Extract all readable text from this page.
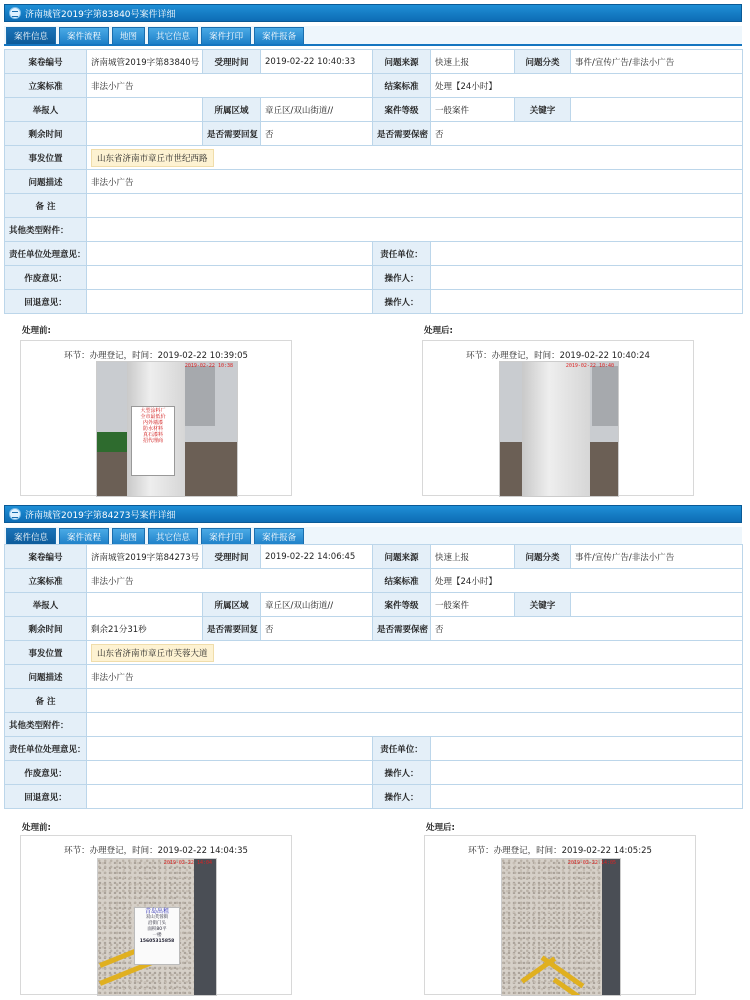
济南城管2019字第83840号案件详细
案件信息	案件流程	地图	其它信息	案件打印	案件报备
案卷编号	济南城管2019字第83840号	受理时间	2019-02-22 10:40:33	问题来源	快速上报	问题分类	事件/宣传广告/非法小广告
立案标准	非法小广告			结案标准	处理【24小时】		
举报人		所属区域	章丘区/双山街道//	案件等级	一般案件	关键字	
剩余时间		是否需要回复	否	是否需要保密	否		
事发位置	山东省济南市章丘市世纪西路						
问题描述	非法小广告						
备 注							
其他类型附件：							
责任单位处理意见：				责任单位：			
作废意见：				操作人：			
回退意见：				操作人：			
处理前:	处理后:
环节：办理登记，时间：2019-02-22 10:39:05
大型涂料厂
全市最低价
内外墙漆
防水材料
真石漆料
招代理商
2019-02-22 10:38
环节：办理登记，时间：2019-02-22 10:40:24
2019-02-22 10:40
济南城管2019字第84273号案件详细
案件信息	案件流程	地图	其它信息	案件打印	案件报备
案卷编号	济南城管2019字第84273号	受理时间	2019-02-22 14:06:45	问题来源	快速上报	问题分类	事件/宣传广告/非法小广告
立案标准	非法小广告			结案标准	处理【24小时】		
举报人		所属区域	章丘区/双山街道//	案件等级	一般案件	关键字	
剩余时间	剩余21分31秒	是否需要回复	否	是否需要保密	否		
事发位置	山东省济南市章丘市芙蓉大道						
问题描述	非法小广告						
备 注							
其他类型附件：							
责任单位处理意见：				责任单位：			
作废意见：				操作人：			
回退意见：				操作人：			
处理前:	处理后:
环节：办理登记，时间：2019-02-22 14:04:35
青岛出租
双山芙蓉街
沿街门头
面积80平
一楼
15605315858
2019-02-22 14:04
环节：办理登记，时间：2019-02-22 14:05:25
2019-02-22 14:05
